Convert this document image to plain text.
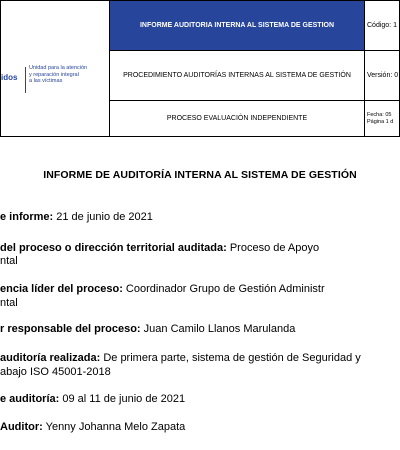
idos
Unidad para la atención
y reparación integral
a las víctimas	INFORME AUDITORIA INTERNA AL SISTEMA DE GESTION	Código: 1
	PROCEDIMIENTO AUDITORÍAS INTERNAS AL SISTEMA DE GESTIÓN	Versión: 0
	PROCESO EVALUACIÓN INDEPENDIENTE	Fecha: 05
Página 1 d
INFORME DE AUDITORÍA INTERNA AL SISTEMA DE GESTIÓN
e informe: 21 de junio de 2021
del proceso o dirección territorial auditada: Proceso de Apoyo
ntal
encia líder del proceso: Coordinador Grupo de Gestión Administr
ntal
r responsable del proceso: Juan Camilo Llanos Marulanda
auditoría realizada: De primera parte, sistema de gestión de Seguridad y
abajo ISO 45001-2018
e auditoría: 09 al 11 de junio de 2021
Auditor: Yenny Johanna Melo Zapata
